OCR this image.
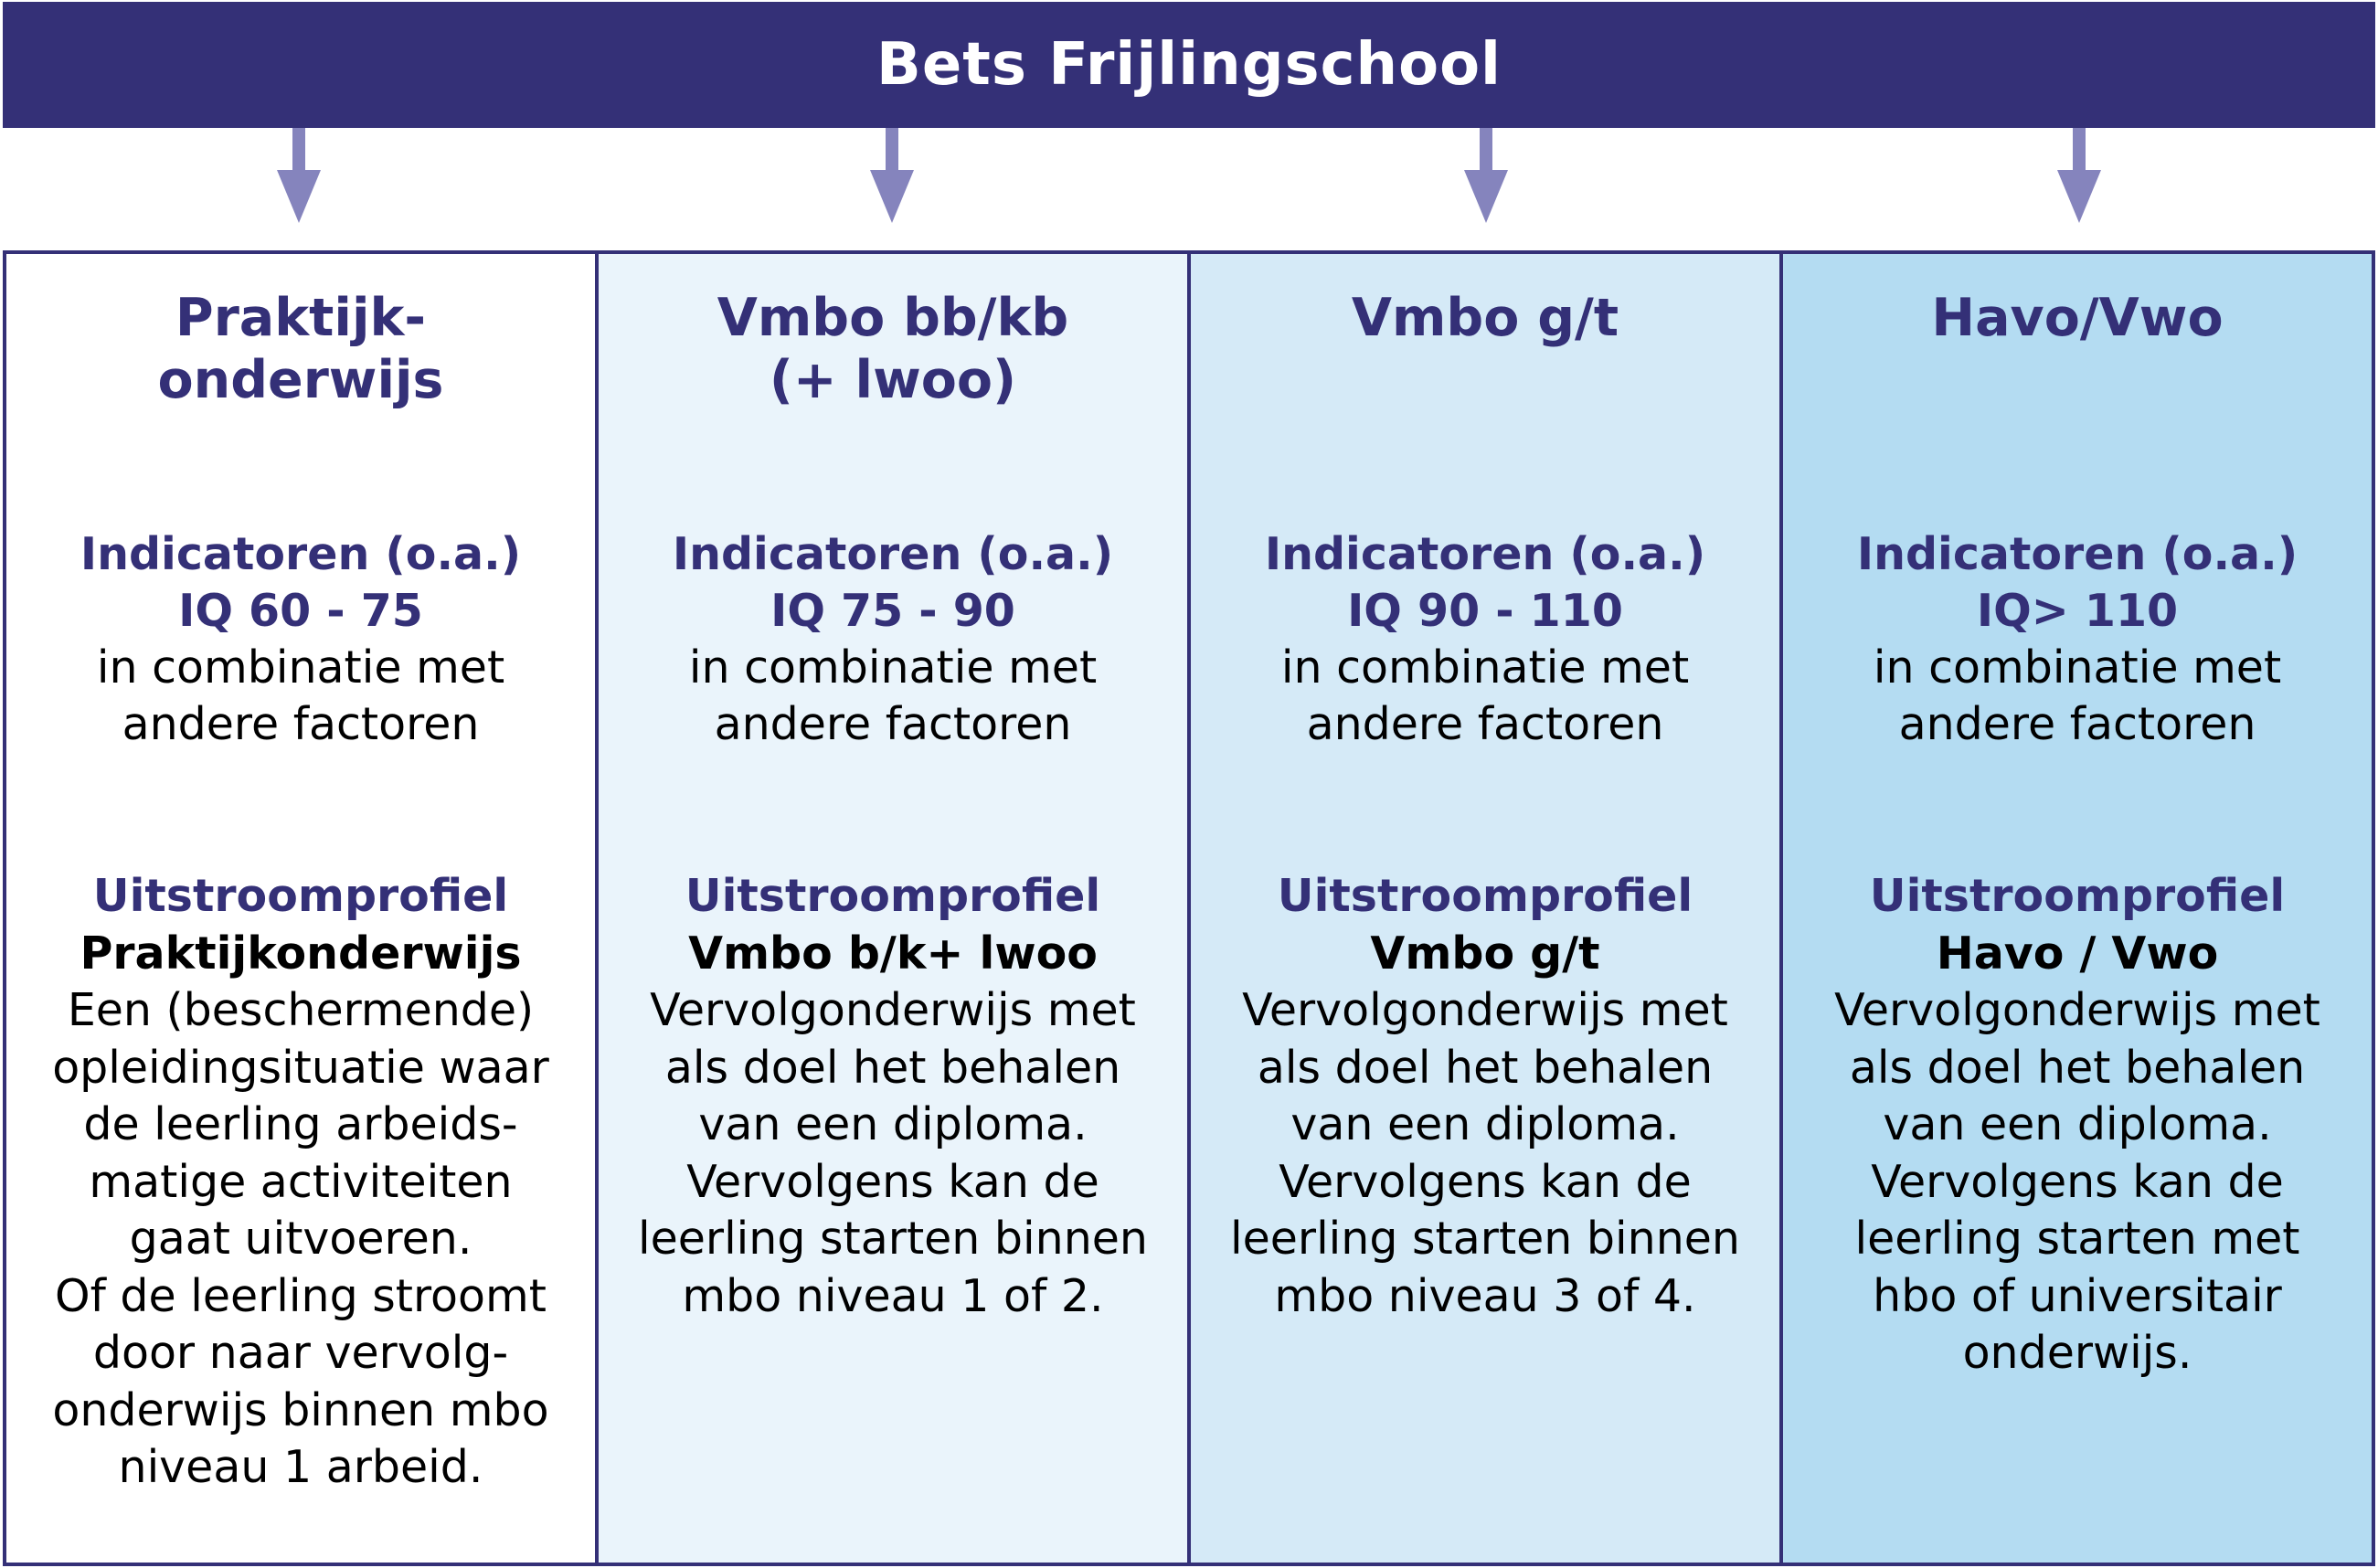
Bets Frijlingschool
Praktijk-
onderwijs
Indicatoren (o.a.)
IQ 60 - 75
in combinatie met
andere factoren
Uitstroomprofiel
Praktijkonderwijs
Een (beschermende)
opleidingsituatie waar
de leerling arbeids-
matige activiteiten
gaat uitvoeren.
Of de leerling stroomt
door naar vervolg-
onderwijs binnen mbo
niveau 1 arbeid.
Vmbo bb/kb
(+ lwoo)
Indicatoren (o.a.)
IQ 75 - 90
in combinatie met
andere factoren
Uitstroomprofiel
Vmbo b/k+ lwoo
Vervolgonderwijs met
als doel het behalen
van een diploma.
Vervolgens kan de
leerling starten binnen
mbo niveau 1 of 2.
Vmbo g/t
Indicatoren (o.a.)
IQ 90 - 110
in combinatie met
andere factoren
Uitstroomprofiel
Vmbo g/t
Vervolgonderwijs met
als doel het behalen
van een diploma.
Vervolgens kan de
leerling starten binnen
mbo niveau 3 of 4.
Havo/Vwo
Indicatoren (o.a.)
IQ> 110
in combinatie met
andere factoren
Uitstroomprofiel
Havo / Vwo
Vervolgonderwijs met
als doel het behalen
van een diploma.
Vervolgens kan de
leerling starten met
hbo of universitair
onderwijs.
